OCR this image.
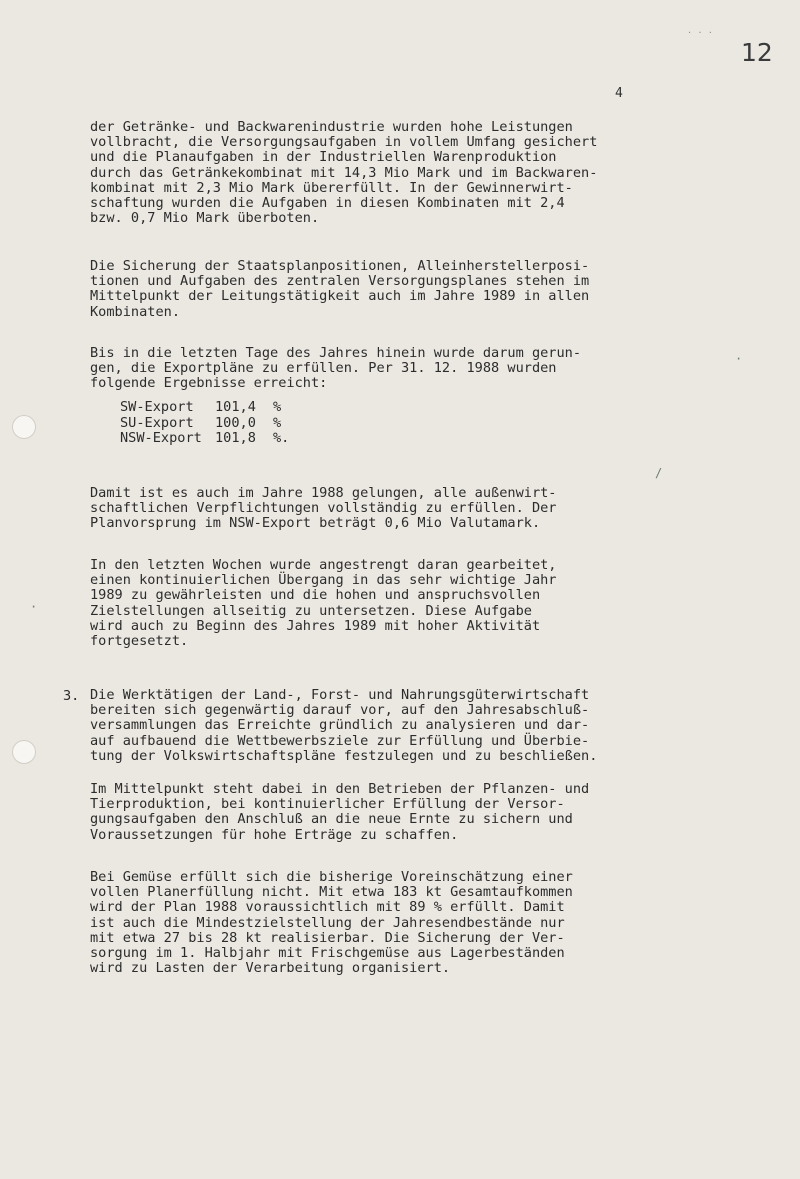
· · ·
12
4
der Getränke- und Backwarenindustrie wurden hohe Leistungen
vollbracht, die Versorgungsaufgaben in vollem Umfang gesichert
und die Planaufgaben in der Industriellen Warenproduktion
durch das Getränkekombinat mit 14,3 Mio Mark und im Backwaren-
kombinat mit 2,3 Mio Mark übererfüllt. In der Gewinnerwirt-
schaftung wurden die Aufgaben in diesen Kombinaten mit 2,4
bzw. 0,7 Mio Mark überboten.
Die Sicherung der Staatsplanpositionen, Alleinherstellerposi-
tionen und Aufgaben des zentralen Versorgungsplanes stehen im
Mittelpunkt der Leitungstätigkeit auch im Jahre 1989 in allen
Kombinaten.
Bis in die letzten Tage des Jahres hinein wurde darum gerun-
gen, die Exportpläne zu erfüllen. Per 31. 12. 1988 wurden
folgende Ergebnisse erreicht:
SW-Export	101,4	%
SU-Export	100,0	%
NSW-Export 101,8	%.
Damit ist es auch im Jahre 1988 gelungen, alle außenwirt-
schaftlichen Verpflichtungen vollständig zu erfüllen. Der
Planvorsprung im NSW-Export beträgt 0,6 Mio Valutamark.
In den letzten Wochen wurde angestrengt daran gearbeitet,
einen kontinuierlichen Übergang in das sehr wichtige Jahr
1989 zu gewährleisten und die hohen und anspruchsvollen
Zielstellungen allseitig zu untersetzen. Diese Aufgabe
wird auch zu Beginn des Jahres 1989 mit hoher Aktivität
fortgesetzt.
3. Die Werktätigen der Land-, Forst- und Nahrungsgüterwirtschaft
bereiten sich gegenwärtig darauf vor, auf den Jahresabschluß-
versammlungen das Erreichte gründlich zu analysieren und dar-
auf aufbauend die Wettbewerbsziele zur Erfüllung und Überbie-
tung der Volkswirtschaftspläne festzulegen und zu beschließen.
Im Mittelpunkt steht dabei in den Betrieben der Pflanzen- und
Tierproduktion, bei kontinuierlicher Erfüllung der Versor-
gungsaufgaben den Anschluß an die neue Ernte zu sichern und
Voraussetzungen für hohe Erträge zu schaffen.
Bei Gemüse erfüllt sich die bisherige Voreinschätzung einer
vollen Planerfüllung nicht. Mit etwa 183 kt Gesamtaufkommen
wird der Plan 1988 voraussichtlich mit 89 % erfüllt. Damit
ist auch die Mindestzielstellung der Jahresendbestände nur
mit etwa 27 bis 28 kt realisierbar. Die Sicherung der Ver-
sorgung im 1. Halbjahr mit Frischgemüse aus Lagerbeständen
wird zu Lasten der Verarbeitung organisiert.
·
/
·
